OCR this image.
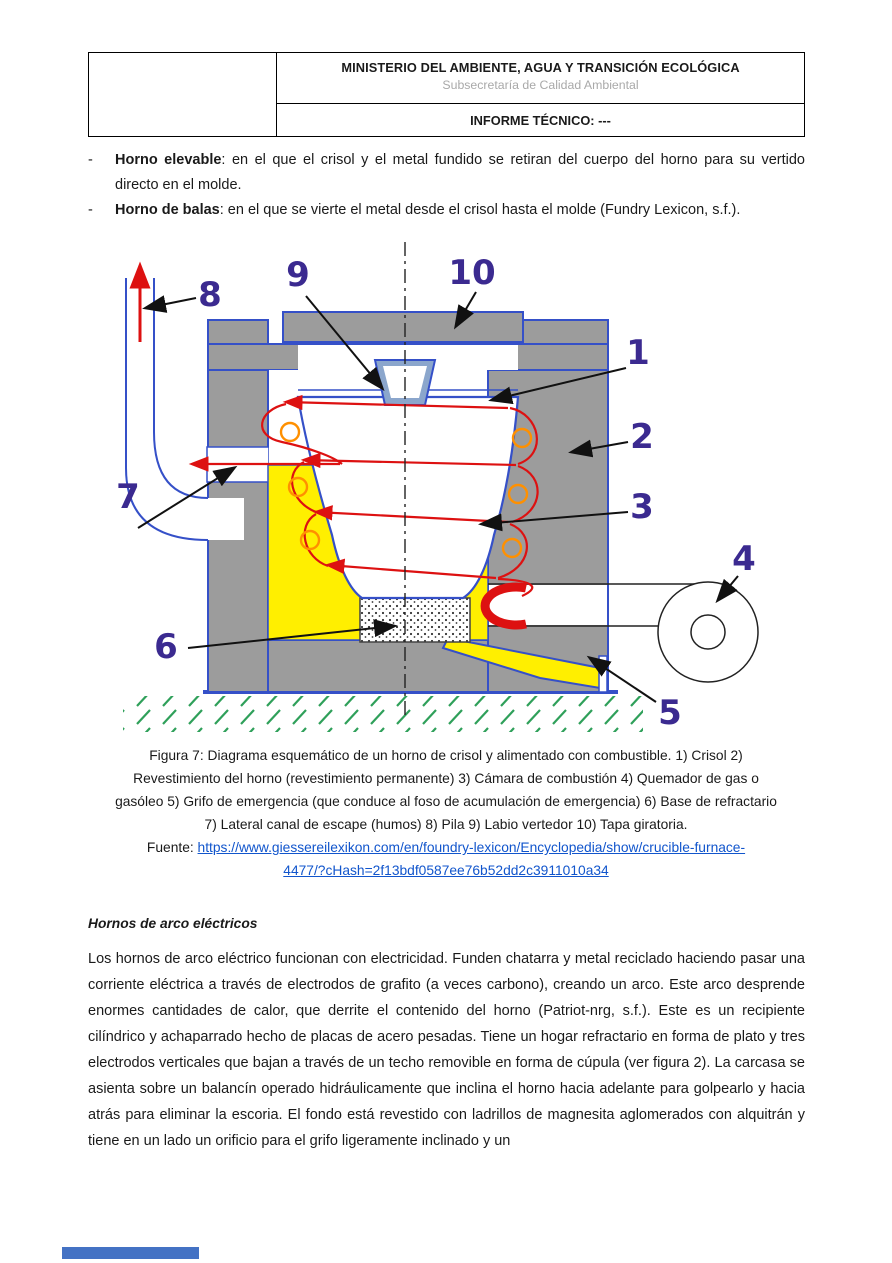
MINISTERIO DEL AMBIENTE, AGUA Y TRANSICIÓN ECOLÓGICA
Subsecretaría de Calidad Ambiental
INFORME TÉCNICO: ---
-	Horno elevable: en el que el crisol y el metal fundido se retiran del cuerpo del horno para su vertido directo en el molde.
-	Horno de balas: en el que se vierte el metal desde el crisol hasta el molde (Fundry Lexicon, s.f.).
1
2
3
4
5
6
7
8 9	10
Figura 7: Diagrama esquemático de un horno de crisol y alimentado con combustible. 1) Crisol 2)
Revestimiento del horno (revestimiento permanente) 3) Cámara de combustión 4) Quemador de gas o
gasóleo 5) Grifo de emergencia (que conduce al foso de acumulación de emergencia) 6) Base de refractario
7) Lateral canal de escape (humos) 8) Pila 9) Labio vertedor 10) Tapa giratoria.
Fuente: https://www.giessereilexikon.com/en/foundry-lexicon/Encyclopedia/show/crucible-furnace-
4477/?cHash=2f13bdf0587ee76b52dd2c3911010a34
Hornos de arco eléctricos
Los hornos de arco eléctrico funcionan con electricidad. Funden chatarra y metal reciclado haciendo pasar una corriente eléctrica a través de electrodos de grafito (a veces carbono), creando un arco. Este arco desprende enormes cantidades de calor, que derrite el contenido del horno (Patriot-nrg, s.f.). Este es un recipiente cilíndrico y achaparrado hecho de placas de acero pesadas. Tiene un hogar refractario en forma de plato y tres electrodos verticales que bajan a través de un techo removible en forma de cúpula (ver figura 2). La carcasa se asienta sobre un balancín operado hidráulicamente que inclina el horno hacia adelante para golpearlo y hacia atrás para eliminar la escoria. El fondo está revestido con ladrillos de magnesita aglomerados con alquitrán y tiene en un lado un orificio para el grifo ligeramente inclinado y un
